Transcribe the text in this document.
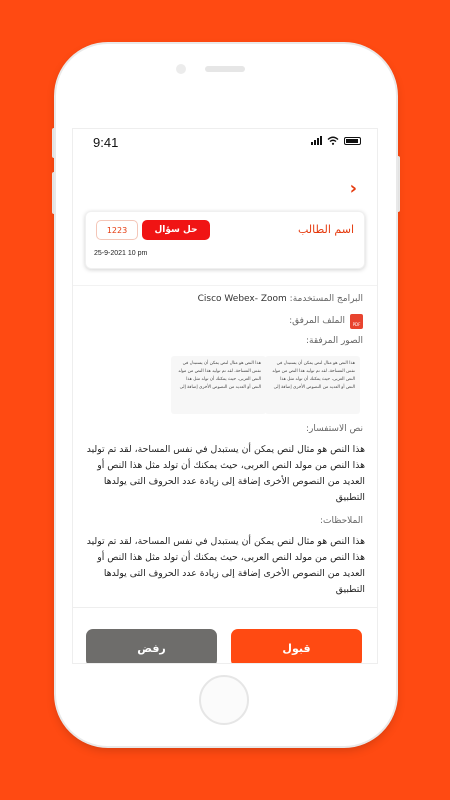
9:41
›
اسم الطالب
حل سؤال
1223
25-9-2021 10 pm
البرامج المستخدمة: Cisco Webex- Zoom
الملف المرفق:	PDF
الصور المرفقة:
هذا النص هو مثال لنص يمكن أن يستبدل في نفس المساحة، لقد تم توليد هذا النص من مولد النص العربى، حيث يمكنك أن تولد مثل هذا النص أو العديد من النصوص الأخرى إضافة إلى
هذا النص هو مثال لنص يمكن أن يستبدل في نفس المساحة، لقد تم توليد هذا النص من مولد النص العربى، حيث يمكنك أن تولد مثل هذا النص أو العديد من النصوص الأخرى إضافة إلى
نص الاستفسار:
هذا النص هو مثال لنص يمكن أن يستبدل في نفس المساحة، لقد تم توليد هذا النص من مولد النص العربى، حيث يمكنك أن تولد مثل هذا النص أو العديد من النصوص الأخرى إضافة إلى زيادة عدد الحروف التى يولدها التطبيق
الملاحظات:
هذا النص هو مثال لنص يمكن أن يستبدل في نفس المساحة، لقد تم توليد هذا النص من مولد النص العربى، حيث يمكنك أن تولد مثل هذا النص أو العديد من النصوص الأخرى إضافة إلى زيادة عدد الحروف التى يولدها التطبيق
قبول
رفض
